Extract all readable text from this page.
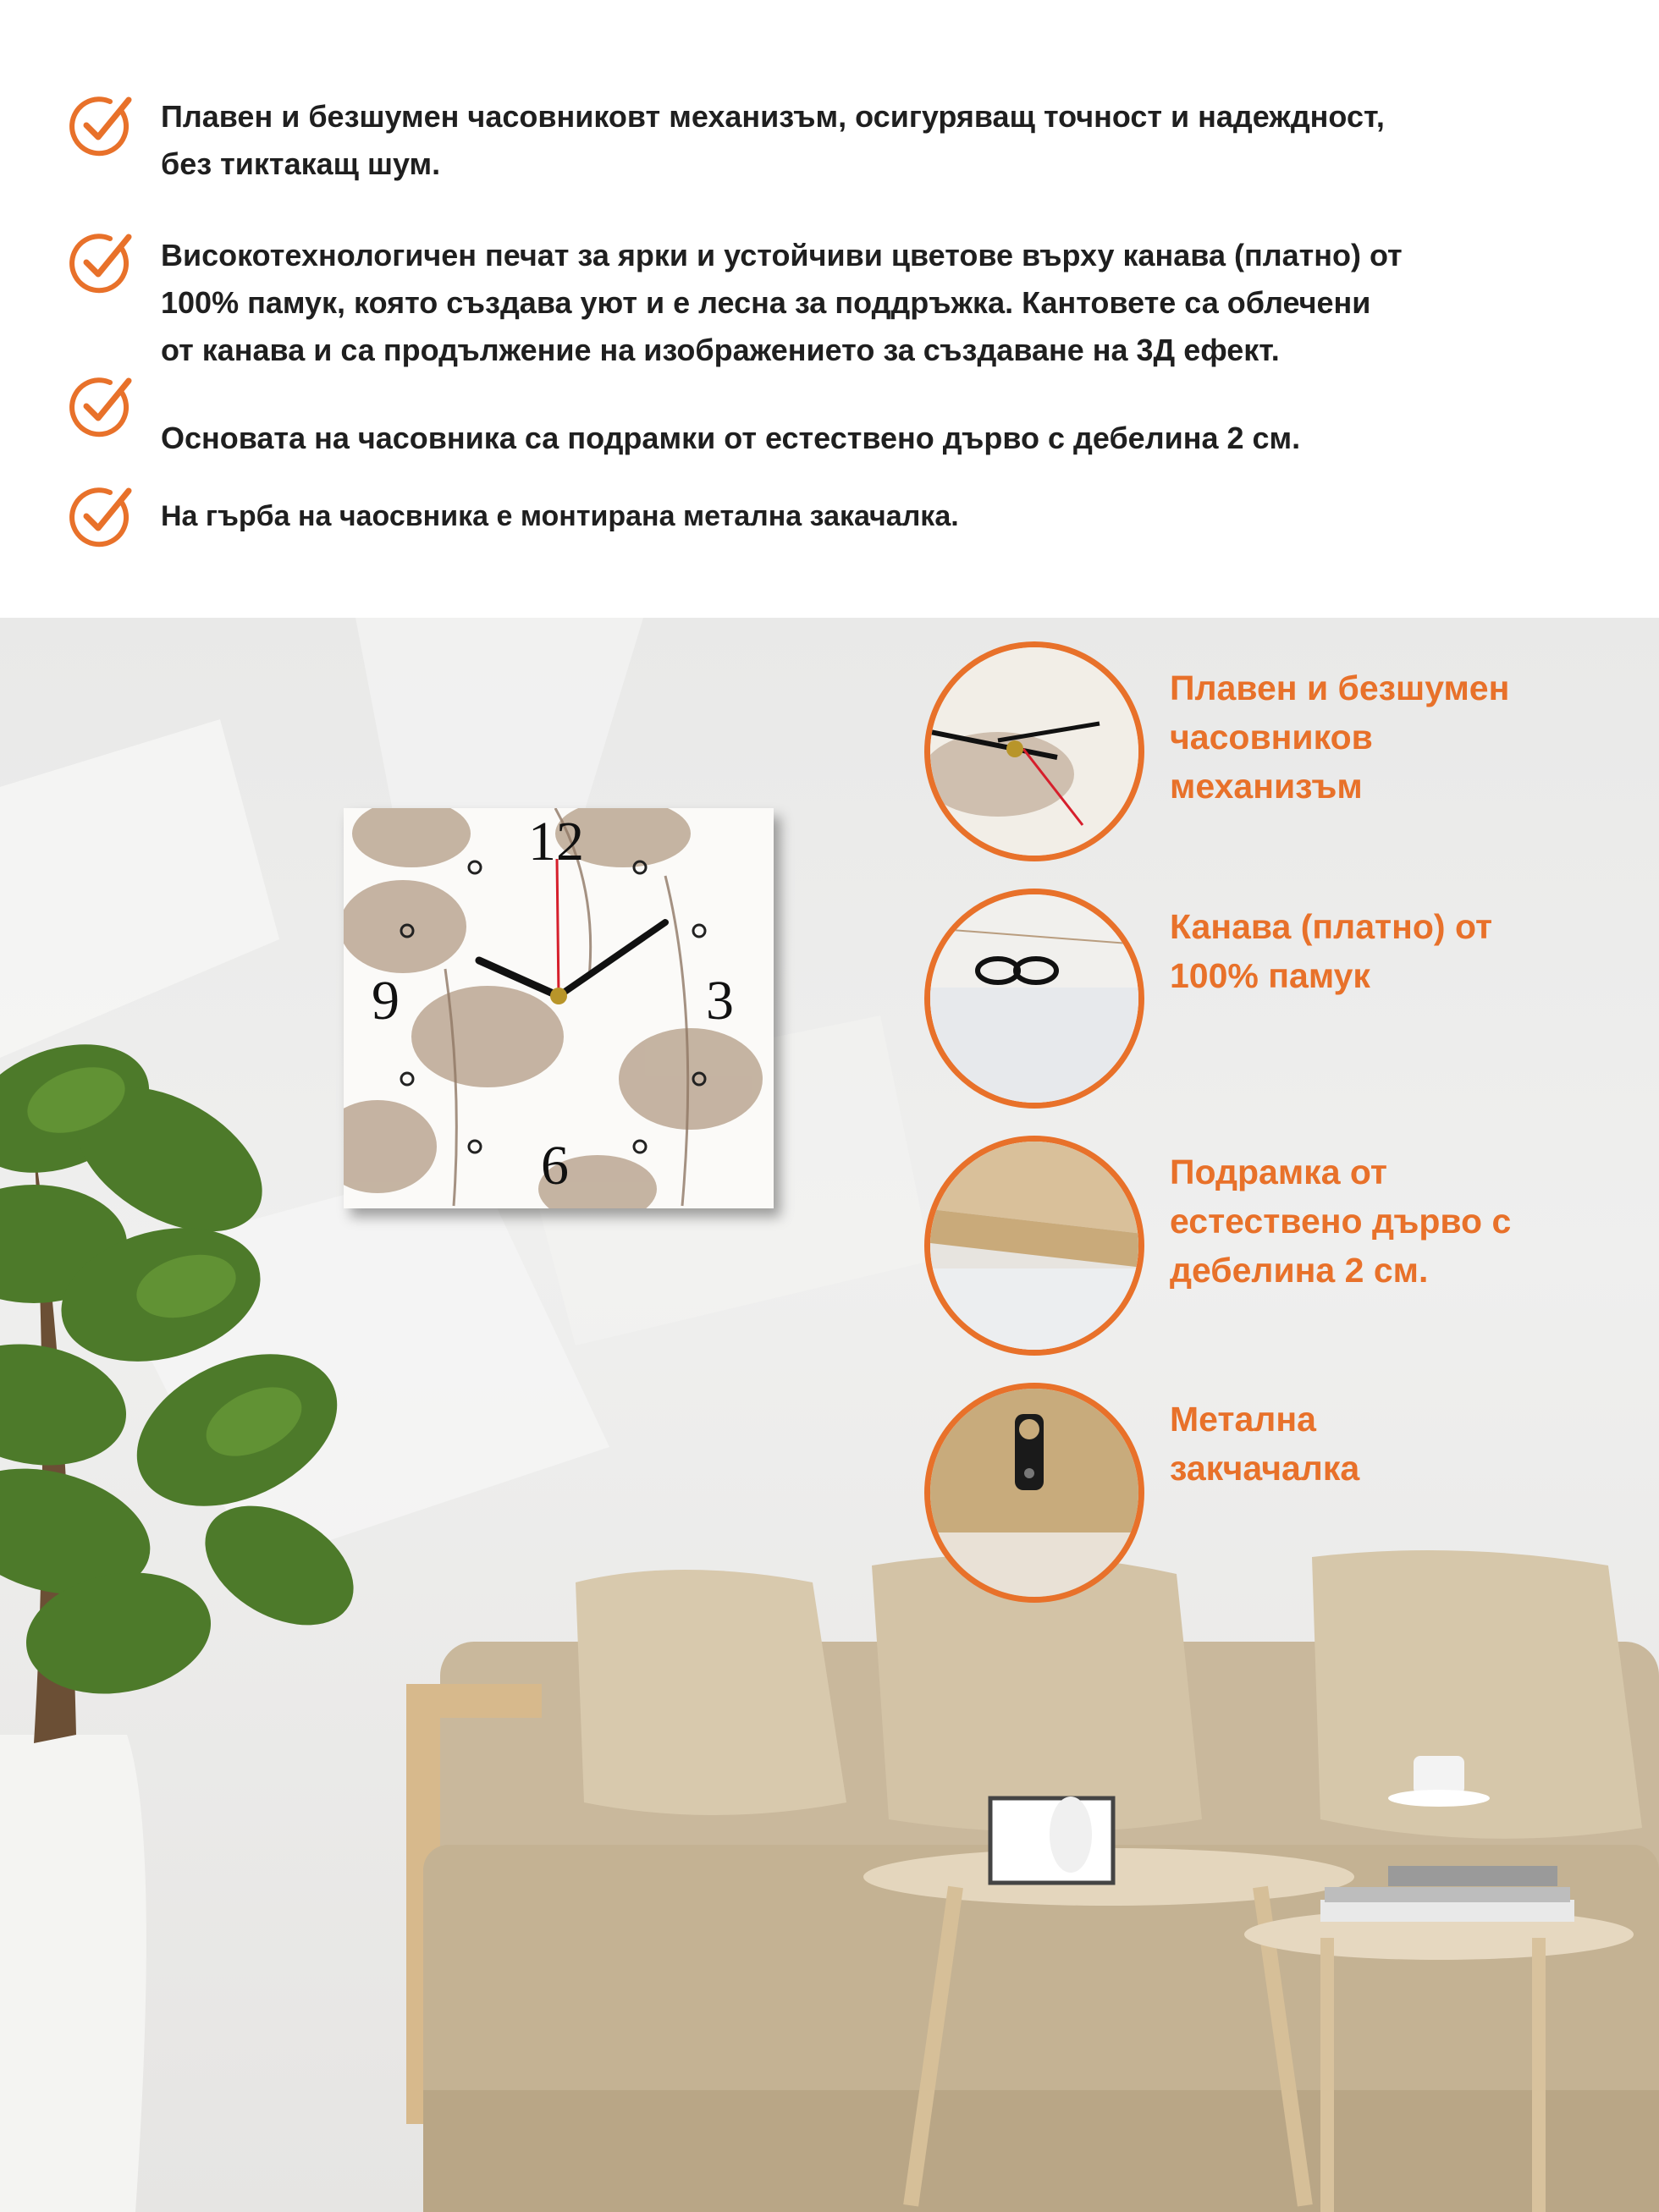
Плавен и безшумен часовниковт механизъм, осигуряващ точност и надеждност,
без тиктакащ шум.
Високотехнологичен печат за ярки и устойчиви цветове върху канава (платно) от
100% памук, която създава уют и е лесна за поддръжка. Кантовете са облечени
от канава и са продължение на изображението за създаване на 3Д ефект.
Основата на часовника са подрамки от естествено дърво с дебелина 2 см.
На гърба на чаосвника е монтирана метална закачалка.
12
3
6
9
Плавен и безшумен
часовников
механизъм
Канава (платно) от
100% памук
Подрамка от
естествено дърво с
дебелина 2 см.
Метална
закчачалка
